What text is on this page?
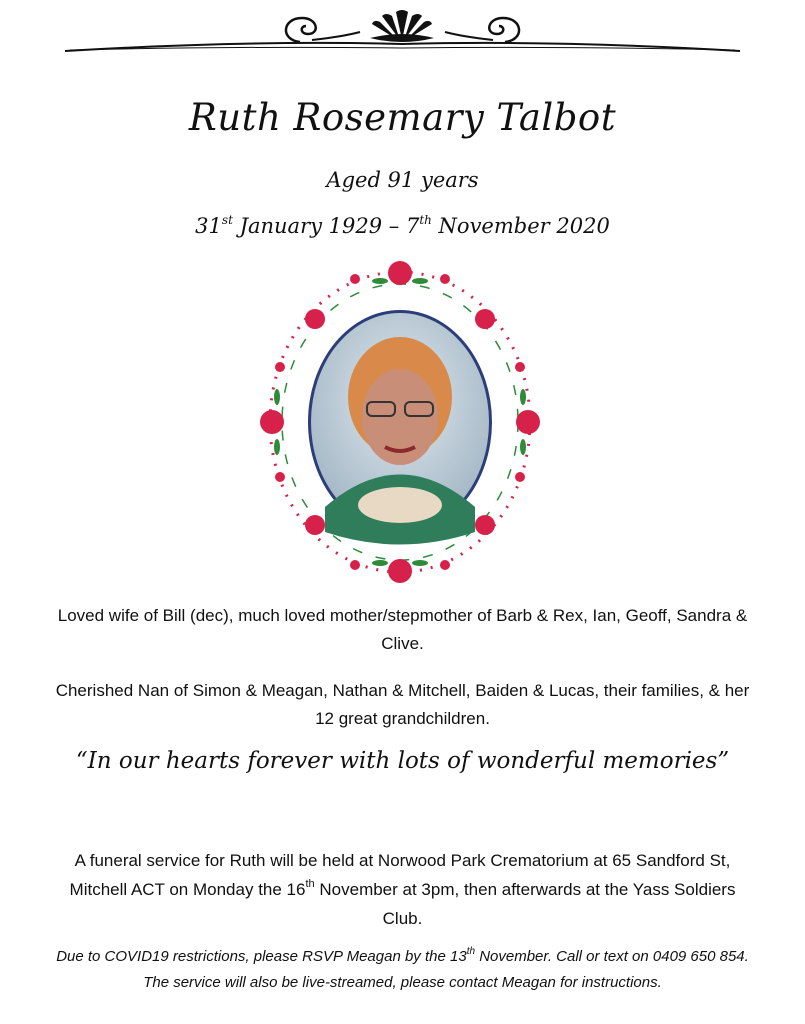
Ruth Rosemary Talbot
Aged 91 years
31st January 1929 – 7th November 2020
Loved wife of Bill (dec), much loved mother/stepmother of Barb & Rex, Ian, Geoff, Sandra & Clive.
Cherished Nan of Simon & Meagan, Nathan & Mitchell, Baiden & Lucas, their families, & her 12 great grandchildren.
“In our hearts forever with lots of wonderful memories”
A funeral service for Ruth will be held at Norwood Park Crematorium at 65 Sandford St, Mitchell ACT on Monday the 16th November at 3pm, then afterwards at the Yass Soldiers Club.
Due to COVID19 restrictions, please RSVP Meagan by the 13th November. Call or text on 0409 650 854. The service will also be live-streamed, please contact Meagan for instructions.
